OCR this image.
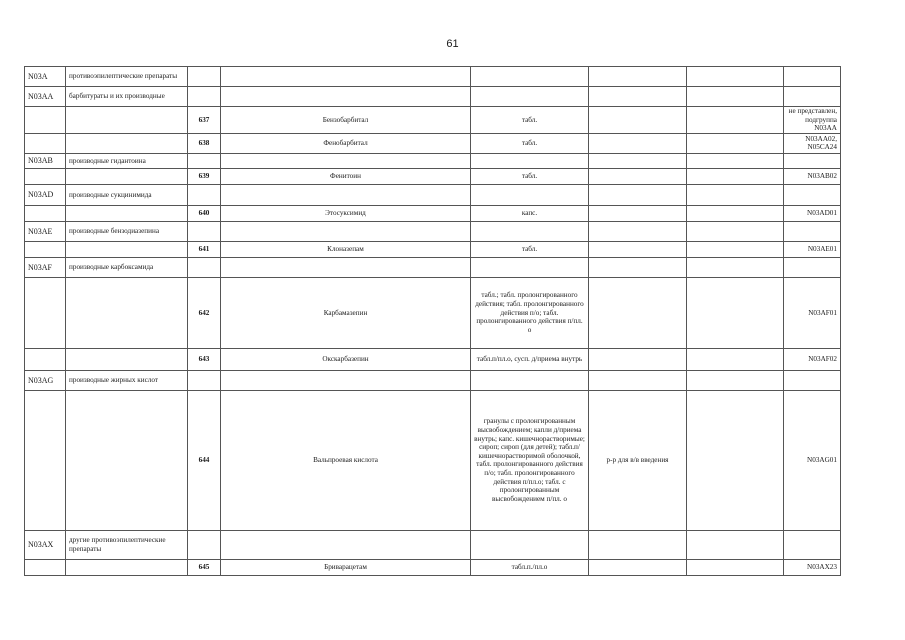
61
N03A	противоэпилептические препараты						
N03AA	барбитураты и их производные						
		637	Бензобарбитал	табл.			не представлен, подгруппа N03AA
		638	Фенобарбитал	табл.			N03AA02, N05CA24
N03AB	производные гидантоина						
		639	Фенитоин	табл.			N03AB02
N03AD	производные сукцинимида						
		640	Этосуксимид	капс.			N03AD01
N03AE	производные бензодиазепина						
		641	Клоназепам	табл.			N03AE01
N03AF	производные карбоксамида						
		642	Карбамазепин	табл.; табл. пролонгированного действия; табл. пролонгированного действия п/о; табл. пролонгированного действия п/пл. о			N03AF01
		643	Окскарбазепин	табл.п/пл.о, сусп. д/приема внутрь			N03AF02
N03AG	производные жирных кислот						
		644	Вальпроевая кислота	гранулы с пролонгированным высвобождением; капли д/приема внутрь; капс. кишечнорастворимые; сироп; сироп (для детей); табл.п/кишечнорастворимой оболочкой, табл. пролонгированного действия п/о; табл. пролонгированного действия п/пл.о; табл. с пролонгированным высвобождением п/пл. о	р-р для в/в введения		N03AG01
N03AX	другие противоэпилептические препараты						
		645	Бриварацетам	табл.п./пл.о			N03AX23
